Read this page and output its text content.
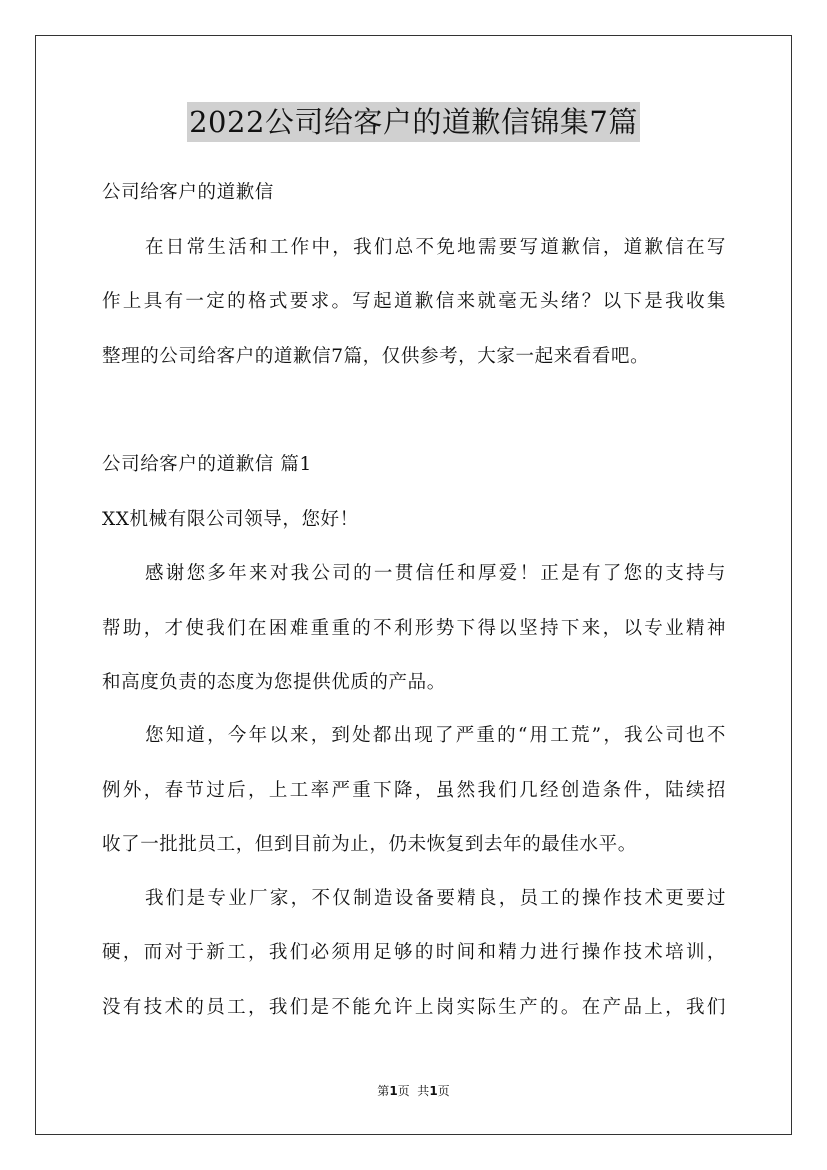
2022公司给客户的道歉信锦集7篇
公司给客户的道歉信
在日常生活和工作中，我们总不免地需要写道歉信，道歉信在写
作上具有一定的格式要求。写起道歉信来就毫无头绪？以下是我收集
整理的公司给客户的道歉信7篇，仅供参考，大家一起来看看吧。
公司给客户的道歉信 篇1
XX机械有限公司领导，您好！
感谢您多年来对我公司的一贯信任和厚爱！正是有了您的支持与
帮助，才使我们在困难重重的不利形势下得以坚持下来，以专业精神
和高度负责的态度为您提供优质的产品。
您知道，今年以来，到处都出现了严重的“用工荒”，我公司也不
例外，春节过后，上工率严重下降，虽然我们几经创造条件，陆续招
收了一批批员工，但到目前为止，仍未恢复到去年的最佳水平。
我们是专业厂家，不仅制造设备要精良，员工的操作技术更要过
硬，而对于新工，我们必须用足够的时间和精力进行操作技术培训，
没有技术的员工，我们是不能允许上岗实际生产的。在产品上，我们
第1页  共1页
